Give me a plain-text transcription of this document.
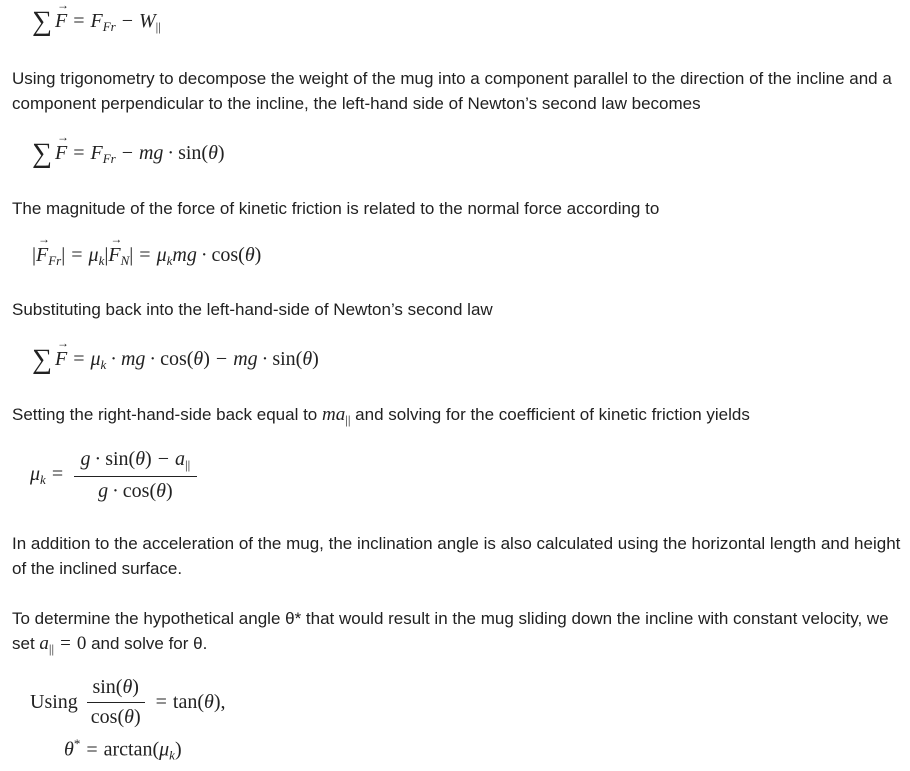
∑ → $F = F_{Fr} - W_{||}$
Using trigonometry to decompose the weight of the mug into a component parallel to the direction of the incline and a component perpendicular to the incline, the left-hand side of Newton’s second law becomes
∑ → $F = F_{Fr}$ − mg · sin(θ)
The magnitude of the force of kinetic friction is related to the normal force according to
|→ $F_{Fr}| = \mu_k|\to F_N| = \mu_kmg \cdot \cos(\theta)$
Substituting back into the left-hand-side of Newton’s second law
∑ → $F = \mu_k$ · mg · cos(θ) − mg · sin(θ)
Setting the right-hand-side back equal to $ma_{||}$ and solving for the coefficient of kinetic friction yields
$\mu_k = \frac{g \cdot \sin(\theta) - a_{||}}{g \cdot \cos(\theta)}$
In addition to the acceleration of the mug, the inclination angle is also calculated using the horizontal length and height of the inclined surface.
To determine the hypothetical angle θ* that would result in the mug sliding down the incline with constant velocity, we set $a_{||} = 0$ and solve for θ.
Using $\frac{\sin(\theta)}{\cos(\theta)} = \tan(\theta)$,
$\theta^* = \arctan(\mu_k)$
